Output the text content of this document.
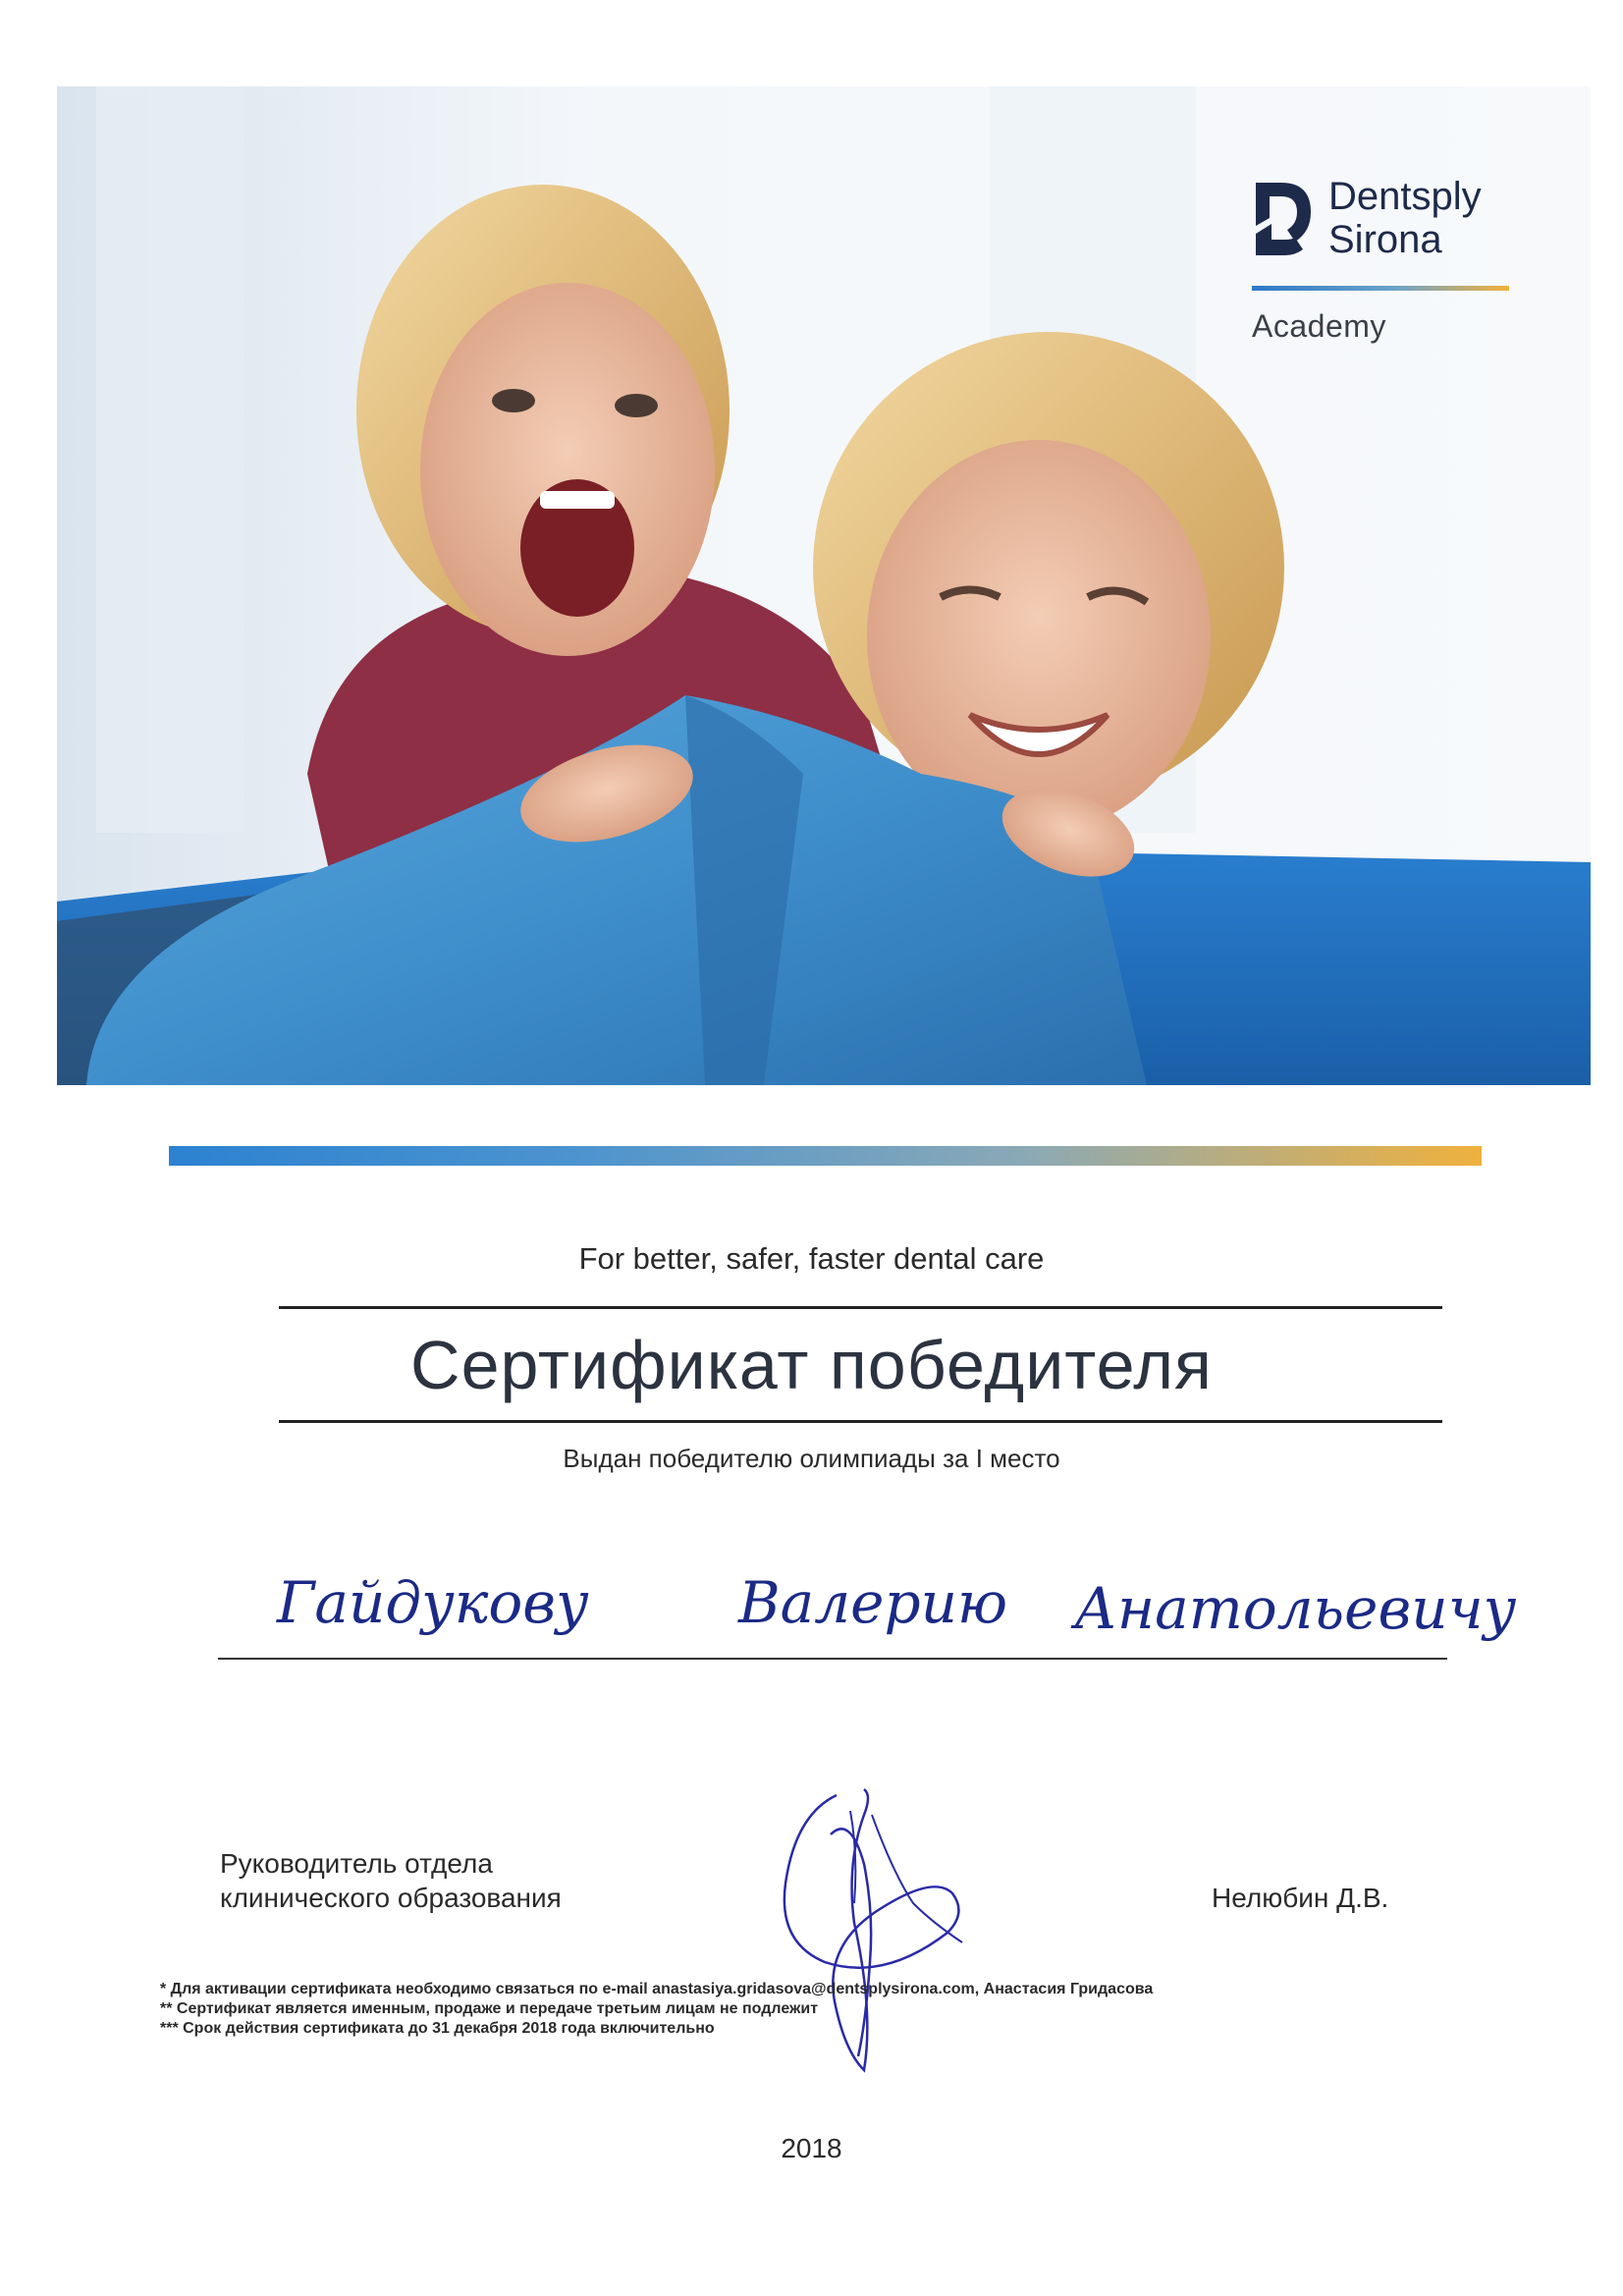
Dentsply
Sirona
Academy
For better, safer, faster dental care
Сертификат победителя
Выдан победителю олимпиады за I место
Гайдукову	Валерию Анатольевичу
Руководитель отдела
клинического образования	Нелюбин Д.В.
* Для активации сертификата необходимо связаться по e-mail anastasiya.gridasova@dentsplysirona.com, Анастасия Гридасова
** Сертификат является именным, продаже и передаче третьим лицам не подлежит
*** Срок действия сертификата до 31 декабря 2018 года включительно
2018
